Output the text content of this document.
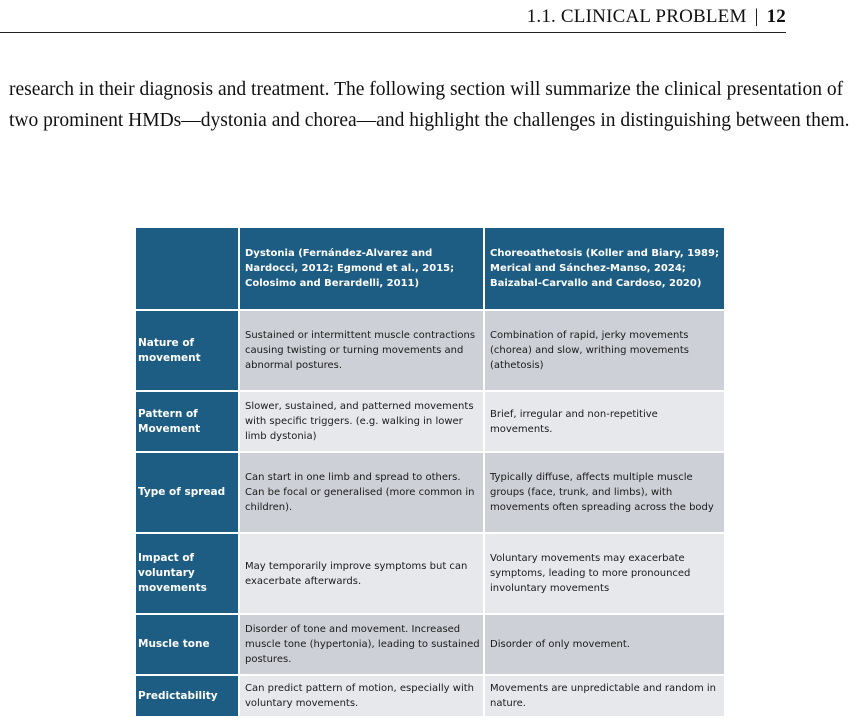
1.1. CLINICAL PROBLEM | 12

research in their diagnosis and treatment. The following section will summarize the clinical presentation of two prominent HMDs—dystonia and chorea—and highlight the challenges in distinguishing between them.

	Dystonia (Fernández-Alvarez and Nardocci, 2012; Egmond et al., 2015; Colosimo and Berardelli, 2011)	Choreoathetosis (Koller and Biary, 1989; Merical and Sánchez-Manso, 2024; Baizabal-Carvallo and Cardoso, 2020)
Nature of movement	Sustained or intermittent muscle contractions causing twisting or turning movements and abnormal postures.	Combination of rapid, jerky movements (chorea) and slow, writhing movements (athetosis)
Pattern of Movement	Slower, sustained, and patterned movements with specific triggers. (e.g. walking in lower limb dystonia)	Brief, irregular and non-repetitive movements.
Type of spread	Can start in one limb and spread to others. Can be focal or generalised (more common in children).	Typically diffuse, affects multiple muscle groups (face, trunk, and limbs), with movements often spreading across the body
Impact of voluntary movements	May temporarily improve symptoms but can exacerbate afterwards.	Voluntary movements may exacerbate symptoms, leading to more pronounced involuntary movements
Muscle tone	Disorder of tone and movement. Increased muscle tone (hypertonia), leading to sustained postures.	Disorder of only movement.
Predictability	Can predict pattern of motion, especially with voluntary movements.	Movements are unpredictable and random in nature.
